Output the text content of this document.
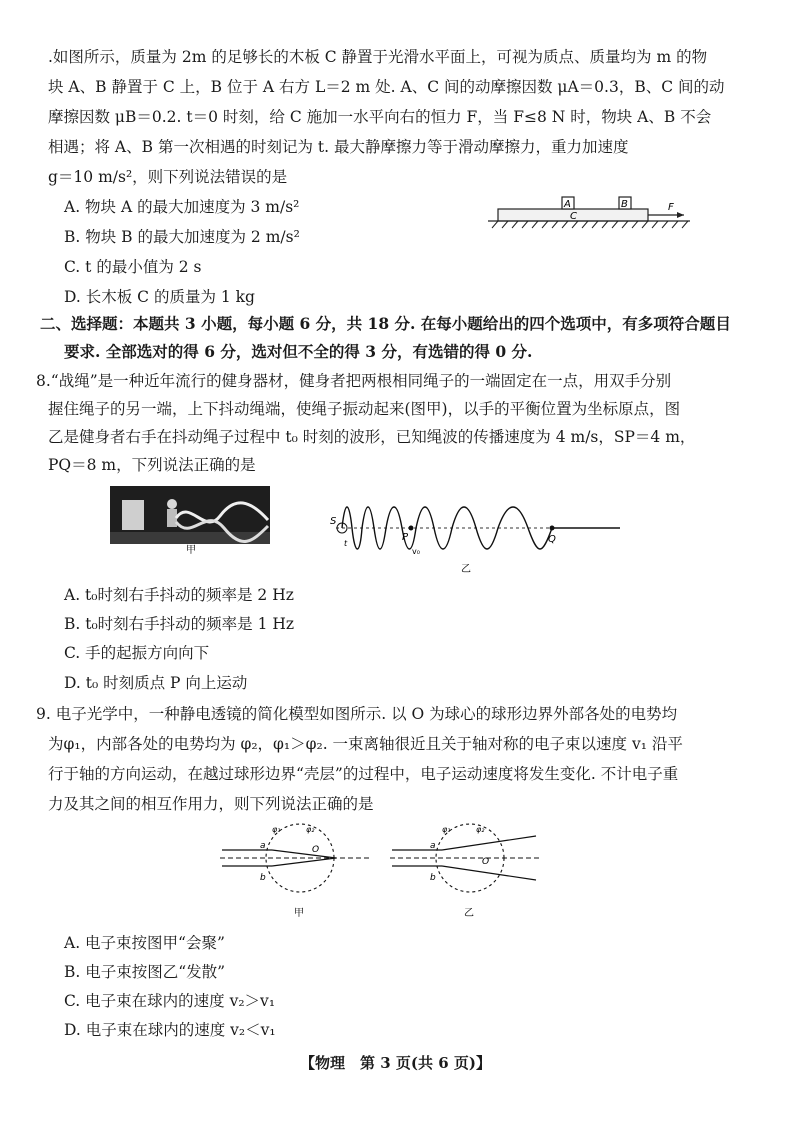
.如图所示，质量为 2m 的足够长的木板 C 静置于光滑水平面上，可视为质点、质量均为 m 的物
块 A、B 静置于 C 上，B 位于 A 右方 L＝2 m 处. A、C 间的动摩擦因数 μA＝0.3，B、C 间的动
摩擦因数 μB＝0.2. t＝0 时刻，给 C 施加一水平向右的恒力 F，当 F≤8 N 时，物块 A、B 不会
相遇；将 A、B 第一次相遇的时刻记为 t. 最大静摩擦力等于滑动摩擦力，重力加速度
g＝10 m/s²，则下列说法错误的是
A. 物块 A 的最大加速度为 3 m/s²
B. 物块 B 的最大加速度为 2 m/s²
C. t 的最小值为 2 s
D. 长木板 C 的质量为 1 kg
A	B
C
F
二、选择题：本题共 3 小题，每小题 6 分，共 18 分. 在每小题给出的四个选项中，有多项符合题目
要求. 全部选对的得 6 分，选对但不全的得 3 分，有选错的得 0 分.
8.“战绳”是一种近年流行的健身器材，健身者把两根相同绳子的一端固定在一点，用双手分别
握住绳子的另一端，上下抖动绳端，使绳子振动起来(图甲)，以手的平衡位置为坐标原点，图
乙是健身者右手在抖动绳子过程中 t₀ 时刻的波形，已知绳波的传播速度为 4 m/s，SP＝4 m，
PQ＝8 m，下列说法正确的是
甲
S
P
v₀
Q
t
乙
A. t₀时刻右手抖动的频率是 2 Hz
B. t₀时刻右手抖动的频率是 1 Hz
C. 手的起振方向向下
D. t₀ 时刻质点 P 向上运动
9. 电子光学中，一种静电透镜的简化模型如图所示. 以 O 为球心的球形边界外部各处的电势均
为φ₁，内部各处的电势均为 φ₂，φ₁＞φ₂. 一束离轴很近且关于轴对称的电子束以速度 v₁ 沿平
行于轴的方向运动，在越过球形边界“壳层”的过程中，电子运动速度将发生变化. 不计电子重
力及其之间的相互作用力，则下列说法正确的是
φ₁	φ₂
O
a
b
甲
φ₁	φ₂
O
a
b
乙
A. 电子束按图甲“会聚”
B. 电子束按图乙“发散”
C. 电子束在球内的速度 v₂＞v₁
D. 电子束在球内的速度 v₂＜v₁
【物理　第 3 页(共 6 页)】
